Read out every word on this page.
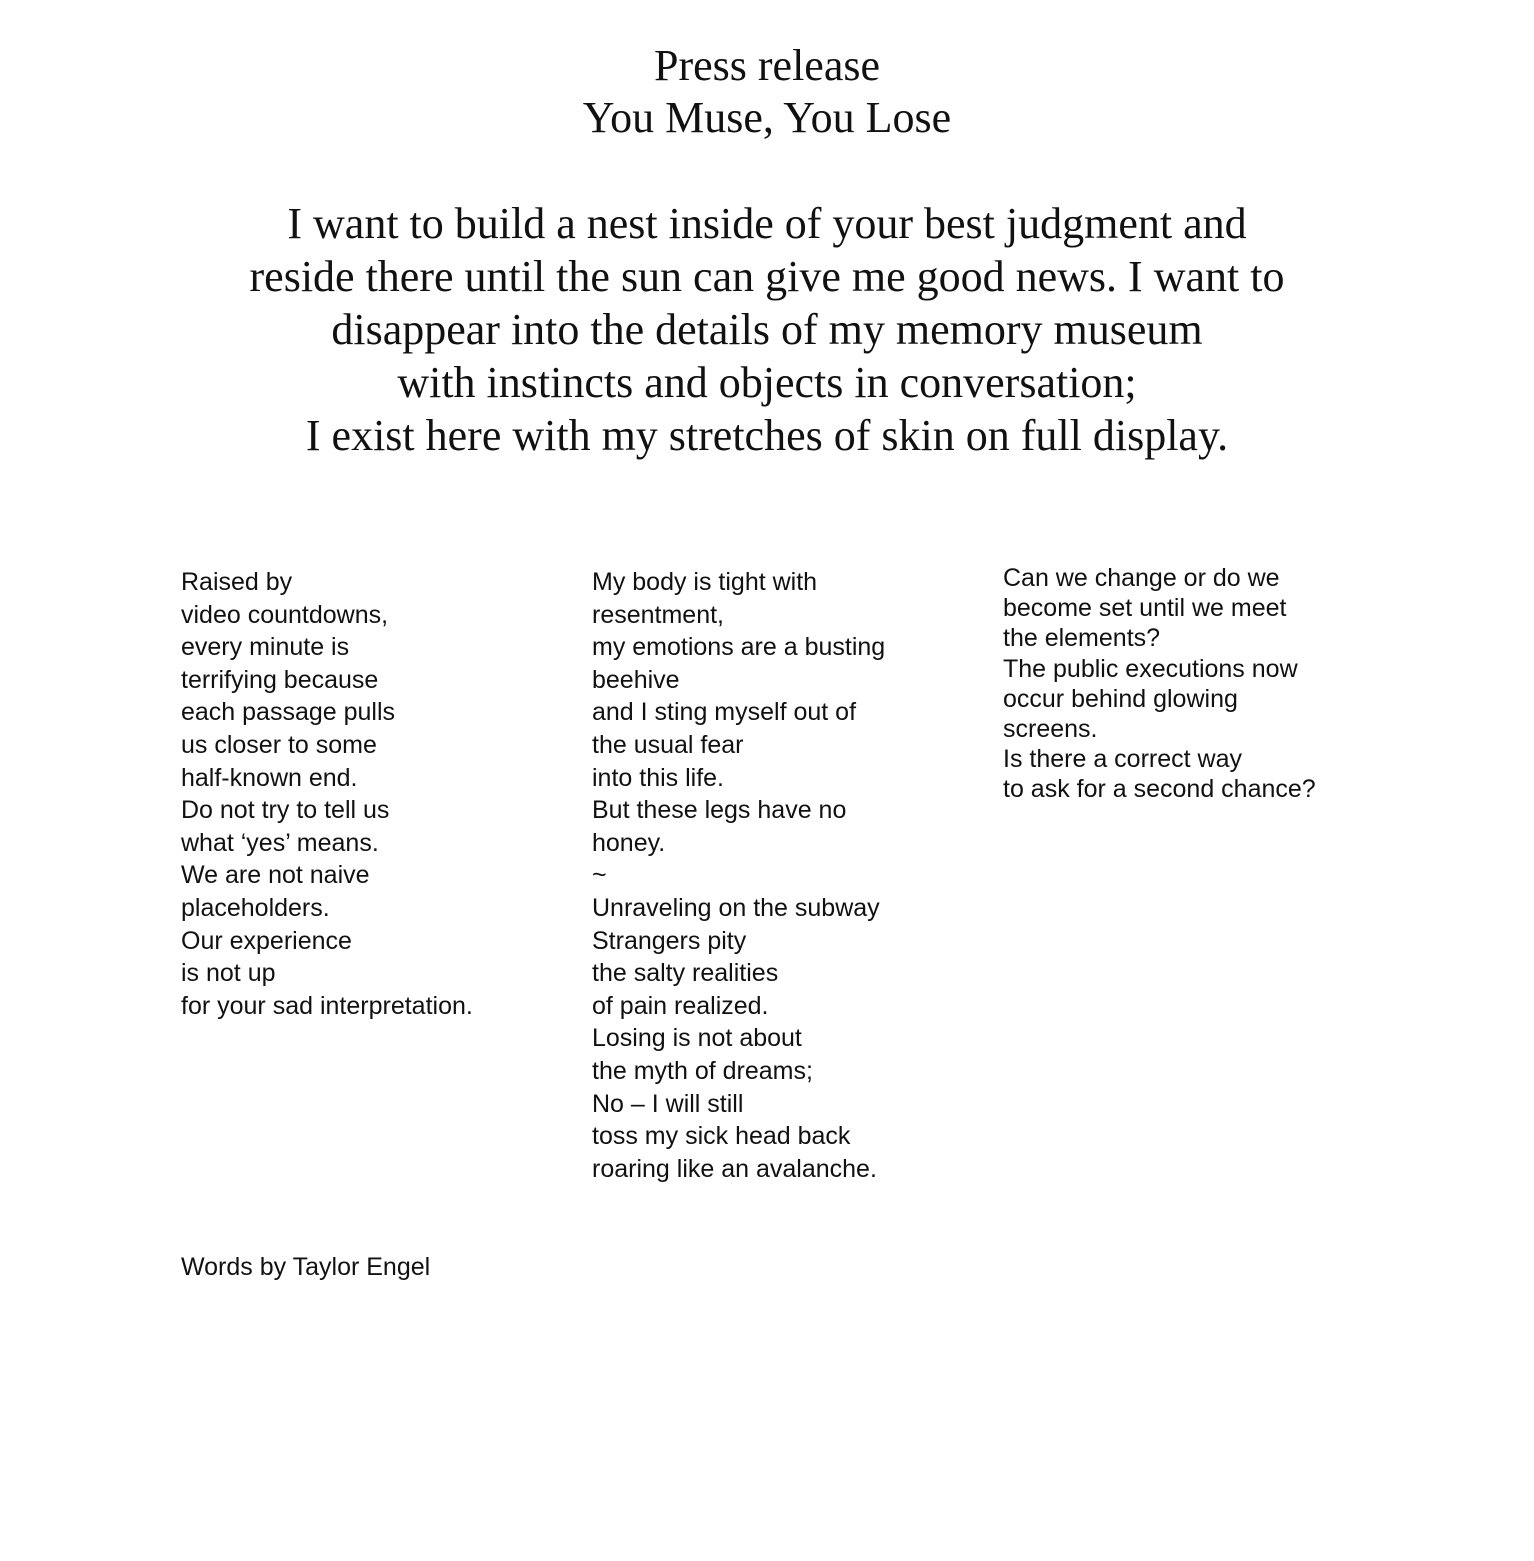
Press release
You Muse, You Lose
I want to build a nest inside of your best judgment and
reside there until the sun can give me good news. I want to
disappear into the details of my memory museum
with instincts and objects in conversation;
I exist here with my stretches of skin on full display.
Raised by
video countdowns,
every minute is
terrifying because
each passage pulls
us closer to some
half-known end.
Do not try to tell us
what ‘yes’ means.
We are not naive
placeholders.
Our experience
is not up
for your sad interpretation.
My body is tight with
resentment,
my emotions are a busting
beehive
and I sting myself out of
the usual fear
into this life.
But these legs have no
honey.
~
Unraveling on the subway
Strangers pity
the salty realities
of pain realized.
Losing is not about
the myth of dreams;
No – I will still
toss my sick head back
roaring like an avalanche.
Can we change or do we
become set until we meet
the elements?
The public executions now
occur behind glowing
screens.
Is there a correct way
to ask for a second chance?
Words by Taylor Engel
